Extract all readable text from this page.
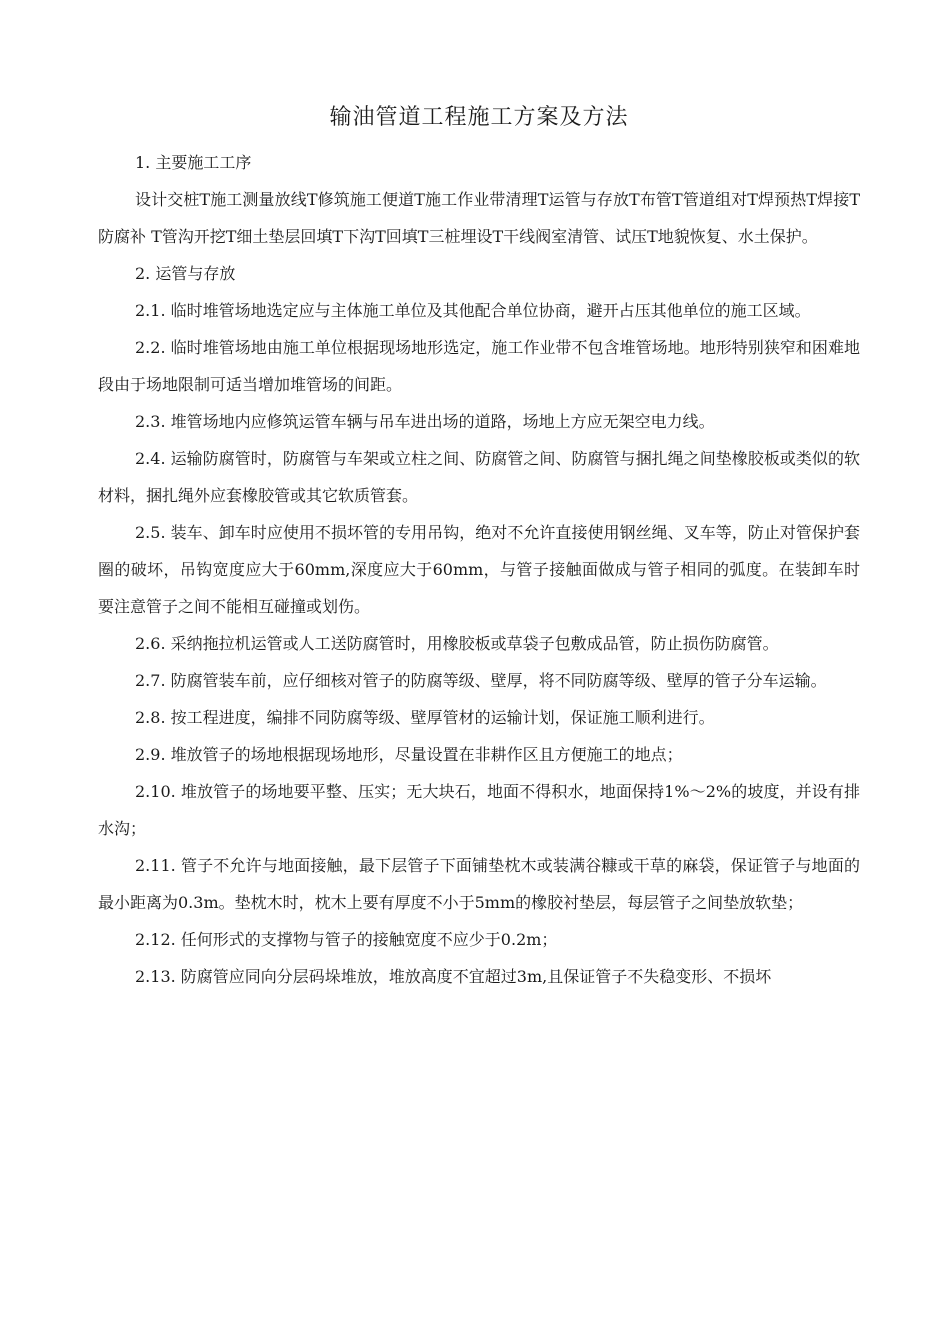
输油管道工程施工方案及方法

1. 主要施工工序

设计交桩T施工测量放线T修筑施工便道T施工作业带清理T运管与存放T布管T管道组对T焊预热T焊接T防腐补 T管沟开挖T细土垫层回填T下沟T回填T三桩埋设T干线阀室清管、试压T地貌恢复、水土保护。

2. 运管与存放

2.1. 临时堆管场地选定应与主体施工单位及其他配合单位协商，避开占压其他单位的施工区域。

2.2. 临时堆管场地由施工单位根据现场地形选定，施工作业带不包含堆管场地。地形特别狭窄和困难地段由于场地限制可适当增加堆管场的间距。

2.3. 堆管场地内应修筑运管车辆与吊车进出场的道路，场地上方应无架空电力线。

2.4. 运输防腐管时，防腐管与车架或立柱之间、防腐管之间、防腐管与捆扎绳之间垫橡胶板或类似的软材料，捆扎绳外应套橡胶管或其它软质管套。

2.5. 装车、卸车时应使用不损坏管的专用吊钩，绝对不允许直接使用钢丝绳、叉车等，防止对管保护套圈的破坏，吊钩宽度应大于60mm,深度应大于60mm，与管子接触面做成与管子相同的弧度。在装卸车时要注意管子之间不能相互碰撞或划伤。

2.6. 采纳拖拉机运管或人工送防腐管时，用橡胶板或草袋子包敷成品管，防止损伤防腐管。

2.7. 防腐管装车前，应仔细核对管子的防腐等级、壁厚，将不同防腐等级、壁厚的管子分车运输。

2.8. 按工程进度，编排不同防腐等级、壁厚管材的运输计划，保证施工顺利进行。

2.9. 堆放管子的场地根据现场地形，尽量设置在非耕作区且方便施工的地点；

2.10. 堆放管子的场地要平整、压实；无大块石，地面不得积水，地面保持1%〜2%的坡度，并设有排水沟；

2.11. 管子不允许与地面接触，最下层管子下面铺垫枕木或装满谷糠或干草的麻袋，保证管子与地面的最小距离为0.3m。垫枕木时，枕木上要有厚度不小于5mm的橡胶衬垫层，每层管子之间垫放软垫；

2.12. 任何形式的支撑物与管子的接触宽度不应少于0.2m；

2.13. 防腐管应同向分层码垛堆放，堆放高度不宜超过3m,且保证管子不失稳变形、不损坏
